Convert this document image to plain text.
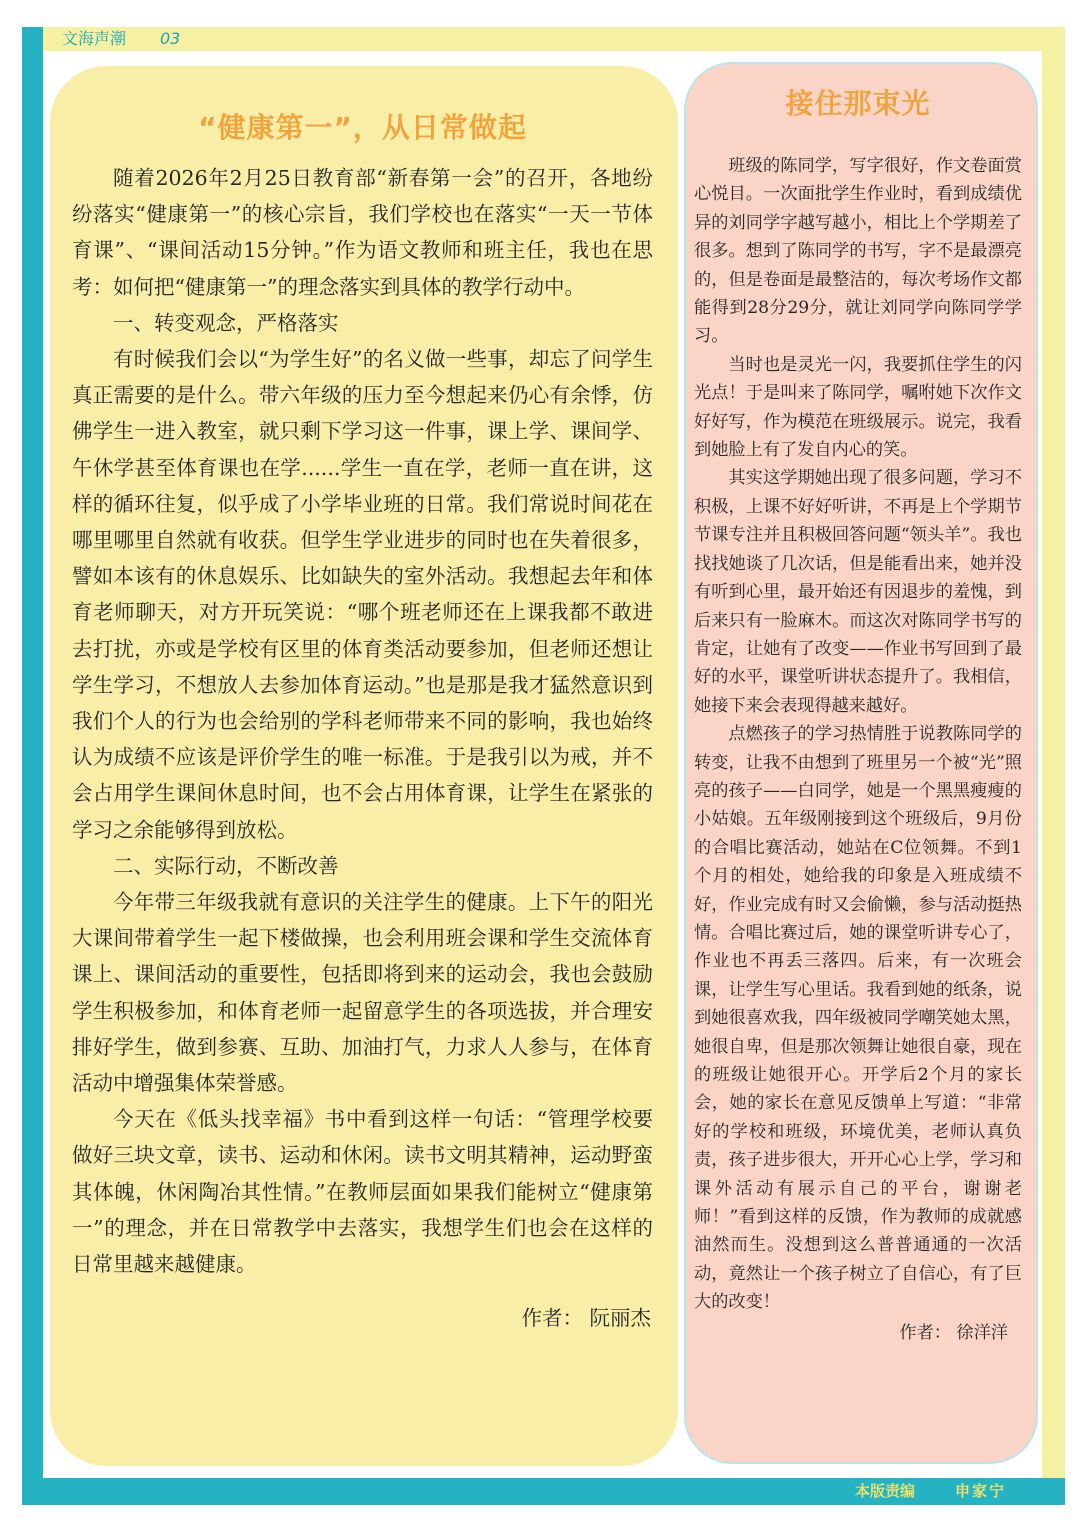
文海声潮 03
“健康第一”，从日常做起

随着2026年2月25日教育部“新春第一会”的召开，各地纷纷落实“健康第一”的核心宗旨，我们学校也在落实“一天一节体育课”、“课间活动15分钟。”作为语文教师和班主任，我也在思考：如何把“健康第一”的理念落实到具体的教学行动中。

一、转变观念，严格落实

有时候我们会以“为学生好”的名义做一些事，却忘了问学生真正需要的是什么。带六年级的压力至今想起来仍心有余悸，仿佛学生一进入教室，就只剩下学习这一件事，课上学、课间学、午休学甚至体育课也在学......学生一直在学，老师一直在讲，这样的循环往复，似乎成了小学毕业班的日常。我们常说时间花在哪里哪里自然就有收获。但学生学业进步的同时也在失着很多，譬如本该有的休息娱乐、比如缺失的室外活动。我想起去年和体育老师聊天，对方开玩笑说：“哪个班老师还在上课我都不敢进去打扰，亦或是学校有区里的体育类活动要参加，但老师还想让学生学习，不想放人去参加体育运动。”也是那是我才猛然意识到我们个人的行为也会给别的学科老师带来不同的影响，我也始终认为成绩不应该是评价学生的唯一标准。于是我引以为戒，并不会占用学生课间休息时间，也不会占用体育课，让学生在紧张的学习之余能够得到放松。

二、实际行动，不断改善

今年带三年级我就有意识的关注学生的健康。上下午的阳光大课间带着学生一起下楼做操，也会利用班会课和学生交流体育课上、课间活动的重要性，包括即将到来的运动会，我也会鼓励学生积极参加，和体育老师一起留意学生的各项选拔，并合理安排好学生，做到参赛、互助、加油打气，力求人人参与，在体育活动中增强集体荣誉感。

今天在《低头找幸福》书中看到这样一句话：“管理学校要做好三块文章，读书、运动和休闲。读书文明其精神，运动野蛮其体魄，休闲陶冶其性情。”在教师层面如果我们能树立“健康第一”的理念，并在日常教学中去落实，我想学生们也会在这样的日常里越来越健康。

作者： 阮丽杰

接住那束光

班级的陈同学，写字很好，作文卷面赏心悦目。一次面批学生作业时，看到成绩优异的刘同学字越写越小，相比上个学期差了很多。想到了陈同学的书写，字不是最漂亮的，但是卷面是最整洁的，每次考场作文都能得到28分29分，就让刘同学向陈同学学习。

当时也是灵光一闪，我要抓住学生的闪光点！于是叫来了陈同学，嘱咐她下次作文好好写，作为模范在班级展示。说完，我看到她脸上有了发自内心的笑。

其实这学期她出现了很多问题，学习不积极，上课不好好听讲，不再是上个学期节节课专注并且积极回答问题“领头羊”。我也找找她谈了几次话，但是能看出来，她并没有听到心里，最开始还有因退步的羞愧，到后来只有一脸麻木。而这次对陈同学书写的肯定，让她有了改变——作业书写回到了最好的水平，课堂听讲状态提升了。我相信，她接下来会表现得越来越好。

点燃孩子的学习热情胜于说教陈同学的转变，让我不由想到了班里另一个被“光”照亮的孩子——白同学，她是一个黑黑瘦瘦的小姑娘。五年级刚接到这个班级后，9月份的合唱比赛活动，她站在C位领舞。不到1个月的相处，她给我的印象是入班成绩不好，作业完成有时又会偷懒，参与活动挺热情。合唱比赛过后，她的课堂听讲专心了，作业也不再丢三落四。后来，有一次班会课，让学生写心里话。我看到她的纸条，说到她很喜欢我，四年级被同学嘲笑她太黑，她很自卑，但是那次领舞让她很自豪，现在的班级让她很开心。开学后2个月的家长会，她的家长在意见反馈单上写道：“非常好的学校和班级，环境优美，老师认真负责，孩子进步很大，开开心心上学，学习和课外活动有展示自己的平台，谢谢老师！”看到这样的反馈，作为教师的成就感油然而生。没想到这么普普通通的一次活动，竟然让一个孩子树立了自信心，有了巨大的改变！

作者： 徐洋洋

本版责编	申家宁
